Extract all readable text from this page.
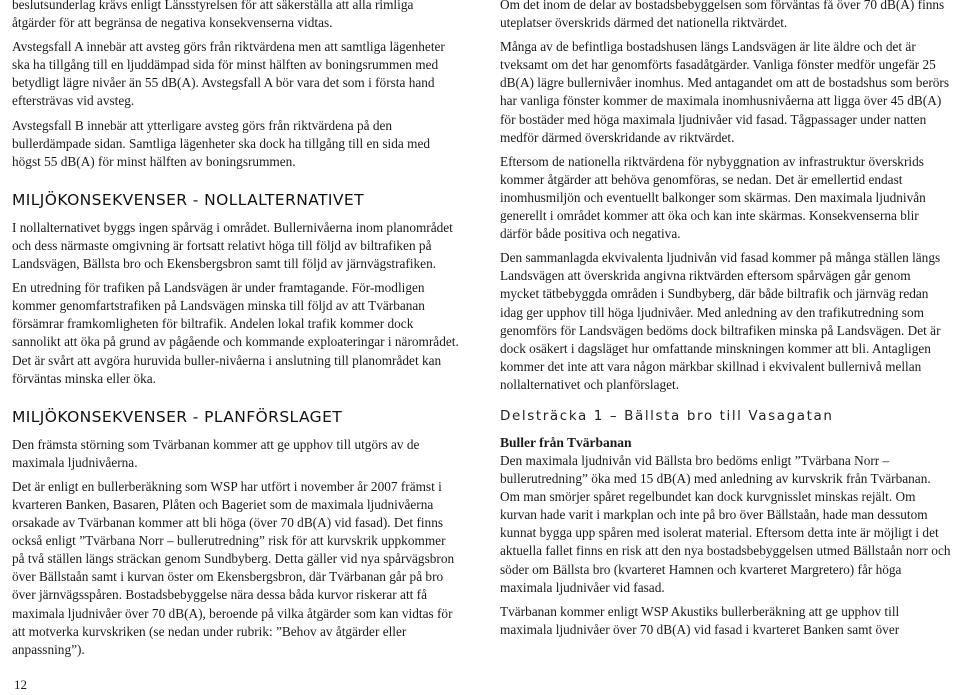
beslutsunderlag krävs enligt Länsstyrelsen för att säkerställa att alla rimliga åtgärder för att begränsa de negativa konsekvenserna vidtas.

Avstegsfall A innebär att avsteg görs från riktvärdena men att samtliga lägenheter ska ha tillgång till en ljuddämpad sida för minst hälften av boningsrummen med betydligt lägre nivåer än 55 dB(A). Avstegsfall A bör vara det som i första hand eftersträvas vid avsteg.

Avstegsfall B innebär att ytterligare avsteg görs från riktvärdena på den bullerdämpade sidan. Samtliga lägenheter ska dock ha tillgång till en sida med högst 55 dB(A) för minst hälften av boningsrummen.

MILJÖKONSEKVENSER - NOLLALTERNATIVET

I nollalternativet byggs ingen spårväg i området. Bullernivåerna inom planområdet och dess närmaste omgivning är fortsatt relativt höga till följd av biltrafiken på Landsvägen, Bällsta bro och Ekensbergsbron samt till följd av järnvägstrafiken.

En utredning för trafiken på Landsvägen är under framtagande. För-modligen kommer genomfartstrafiken på Landsvägen minska till följd av att Tvärbanan försämrar framkomligheten för biltrafik. Andelen lokal trafik kommer dock sannolikt att öka på grund av pågående och kommande exploateringar i närområdet. Det är svårt att avgöra huruvida buller-nivåerna i anslutning till planområdet kan förväntas minska eller öka.

MILJÖKONSEKVENSER - PLANFÖRSLAGET

Den främsta störning som Tvärbanan kommer att ge upphov till utgörs av de maximala ljudnivåerna.

Det är enligt en bullerberäkning som WSP har utfört i november år 2007 främst i kvarteren Banken, Basaren, Plåten och Bageriet som de maximala ljudnivåerna orsakade av Tvärbanan kommer att bli höga (över 70 dB(A) vid fasad). Det finns också enligt ”Tvärbana Norr – bullerutredning” risk för att kurvskrik uppkommer på två ställen längs sträckan genom Sundbyberg. Detta gäller vid nya spårvägsbron över Bällstaån samt i kurvan öster om Ekensbergsbron, där Tvärbanan går på bro över järnvägsspåren. Bostadsbebyggelse nära dessa båda kurvor riskerar att få maximala ljudnivåer över 70 dB(A), beroende på vilka åtgärder som kan vidtas för att motverka kurvskriken (se nedan under rubrik: ”Behov av åtgärder eller anpassning”).

Om det inom de delar av bostadsbebyggelsen som förväntas få över 70 dB(A) finns uteplatser överskrids därmed det nationella riktvärdet.

Många av de befintliga bostadshusen längs Landsvägen är lite äldre och det är tveksamt om det har genomförts fasadåtgärder. Vanliga fönster medför ungefär 25 dB(A) lägre bullernivåer inomhus. Med antagandet om att de bostadshus som berörs har vanliga fönster kommer de maximala inomhusnivåerna att ligga över 45 dB(A) för bostäder med höga maximala ljudnivåer vid fasad. Tågpassager under natten medför därmed överskridande av riktvärdet.

Eftersom de nationella riktvärdena för nybyggnation av infrastruktur överskrids kommer åtgärder att behöva genomföras, se nedan. Det är emellertid endast inomhusmiljön och eventuellt balkonger som skärmas. Den maximala ljudnivån generellt i området kommer att öka och kan inte skärmas. Konsekvenserna blir därför både positiva och negativa.

Den sammanlagda ekvivalenta ljudnivån vid fasad kommer på många ställen längs Landsvägen att överskrida angivna riktvärden eftersom spårvägen går genom mycket tätbebyggda områden i Sundbyberg, där både biltrafik och järnväg redan idag ger upphov till höga ljudnivåer. Med anledning av den trafikutredning som genomförs för Landsvägen bedöms dock biltrafiken minska på Landsvägen. Det är dock osäkert i dagsläget hur omfattande minskningen kommer att bli. Antagligen kommer det inte att vara någon märkbar skillnad i ekvivalent bullernivå mellan nollalternativet och planförslaget.

Delsträcka 1 – Bällsta bro till Vasagatan
Buller från Tvärbanan

Den maximala ljudnivån vid Bällsta bro bedöms enligt ”Tvärbana Norr – bullerutredning” öka med 15 dB(A) med anledning av kurvskrik från Tvärbanan. Om man smörjer spåret regelbundet kan dock kurvgnisslet minskas rejält. Om kurvan hade varit i markplan och inte på bro över Bällstaån, hade man dessutom kunnat bygga upp spåren med isolerat material. Eftersom detta inte är möjligt i det aktuella fallet finns en risk att den nya bostadsbebyggelsen utmed Bällstaån norr och söder om Bällsta bro (kvarteret Hamnen och kvarteret Margretero) får höga maximala ljudnivåer vid fasad.

Tvärbanan kommer enligt WSP Akustiks bullerberäkning att ge upphov till maximala ljudnivåer över 70 dB(A) vid fasad i kvarteret Banken samt över

12
